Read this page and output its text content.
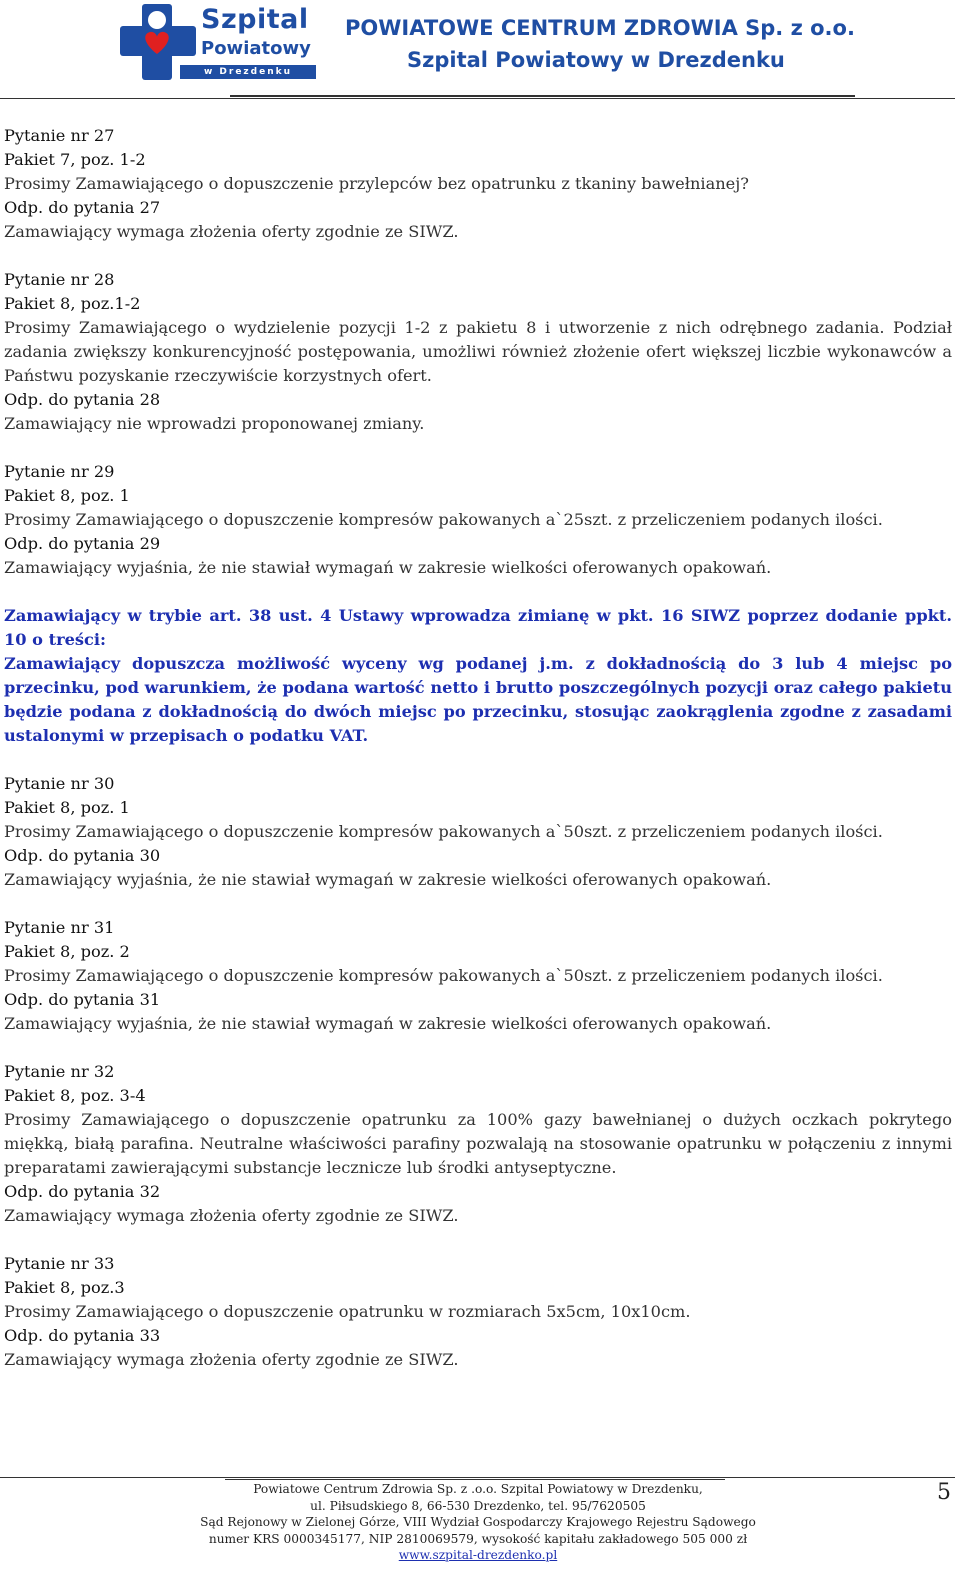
Szpital
Powiatowy
w Drezdenku
POWIATOWE CENTRUM ZDROWIA Sp. z o.o.
Szpital Powiatowy w Drezdenku

Pytanie nr 27

Pakiet 7, poz. 1-2

Prosimy Zamawiającego o dopuszczenie przylepców bez opatrunku z tkaniny bawełnianej?

Odp. do pytania 27

Zamawiający wymaga złożenia oferty zgodnie ze SIWZ.

Pytanie nr 28

Pakiet 8, poz.1-2

Prosimy Zamawiającego o wydzielenie pozycji 1-2 z pakietu 8 i utworzenie z nich odrębnego zadania. Podział zadania zwiększy konkurencyjność postępowania, umożliwi również złożenie ofert większej liczbie wykonawców a Państwu pozyskanie rzeczywiście korzystnych ofert.

Odp. do pytania 28

Zamawiający nie wprowadzi proponowanej zmiany.

Pytanie nr 29

Pakiet 8, poz. 1

Prosimy Zamawiającego o dopuszczenie kompresów pakowanych a`25szt. z przeliczeniem podanych ilości.

Odp. do pytania 29

Zamawiający wyjaśnia, że nie stawiał wymagań w zakresie wielkości oferowanych opakowań.

Zamawiający w trybie art. 38 ust. 4 Ustawy wprowadza zimianę w pkt. 16 SIWZ poprzez dodanie ppkt. 10 o treści:

Zamawiający dopuszcza możliwość wyceny wg podanej j.m. z dokładnością do 3 lub 4 miejsc po przecinku, pod warunkiem, że podana wartość netto i brutto poszczególnych pozycji oraz całego pakietu będzie podana z dokładnością do dwóch miejsc po przecinku, stosując zaokrąglenia zgodne z zasadami ustalonymi w przepisach o podatku VAT.

Pytanie nr 30

Pakiet 8, poz. 1

Prosimy Zamawiającego o dopuszczenie kompresów pakowanych a`50szt. z przeliczeniem podanych ilości.

Odp. do pytania 30

Zamawiający wyjaśnia, że nie stawiał wymagań w zakresie wielkości oferowanych opakowań.

Pytanie nr 31

Pakiet 8, poz. 2

Prosimy Zamawiającego o dopuszczenie kompresów pakowanych a`50szt. z przeliczeniem podanych ilości.

Odp. do pytania 31

Zamawiający wyjaśnia, że nie stawiał wymagań w zakresie wielkości oferowanych opakowań.

Pytanie nr 32

Pakiet 8, poz. 3-4

Prosimy Zamawiającego o dopuszczenie opatrunku za 100% gazy bawełnianej o dużych oczkach pokrytego miękką, białą parafina. Neutralne właściwości parafiny pozwalają na stosowanie opatrunku w połączeniu z innymi preparatami zawierającymi substancje lecznicze lub środki antyseptyczne.

Odp. do pytania 32

Zamawiający wymaga złożenia oferty zgodnie ze SIWZ.

Pytanie nr 33

Pakiet 8, poz.3

Prosimy Zamawiającego o dopuszczenie opatrunku w rozmiarach 5x5cm, 10x10cm.

Odp. do pytania 33

Zamawiający wymaga złożenia oferty zgodnie ze SIWZ.

Powiatowe Centrum Zdrowia Sp. z .o.o. Szpital Powiatowy w Drezdenku,
ul. Piłsudskiego 8, 66-530 Drezdenko, tel. 95/7620505
Sąd Rejonowy w Zielonej Górze, VIII Wydział Gospodarczy Krajowego Rejestru Sądowego
numer KRS 0000345177, NIP 2810069579, wysokość kapitału zakładowego 505 000 zł
www.szpital-drezdenko.pl
5
